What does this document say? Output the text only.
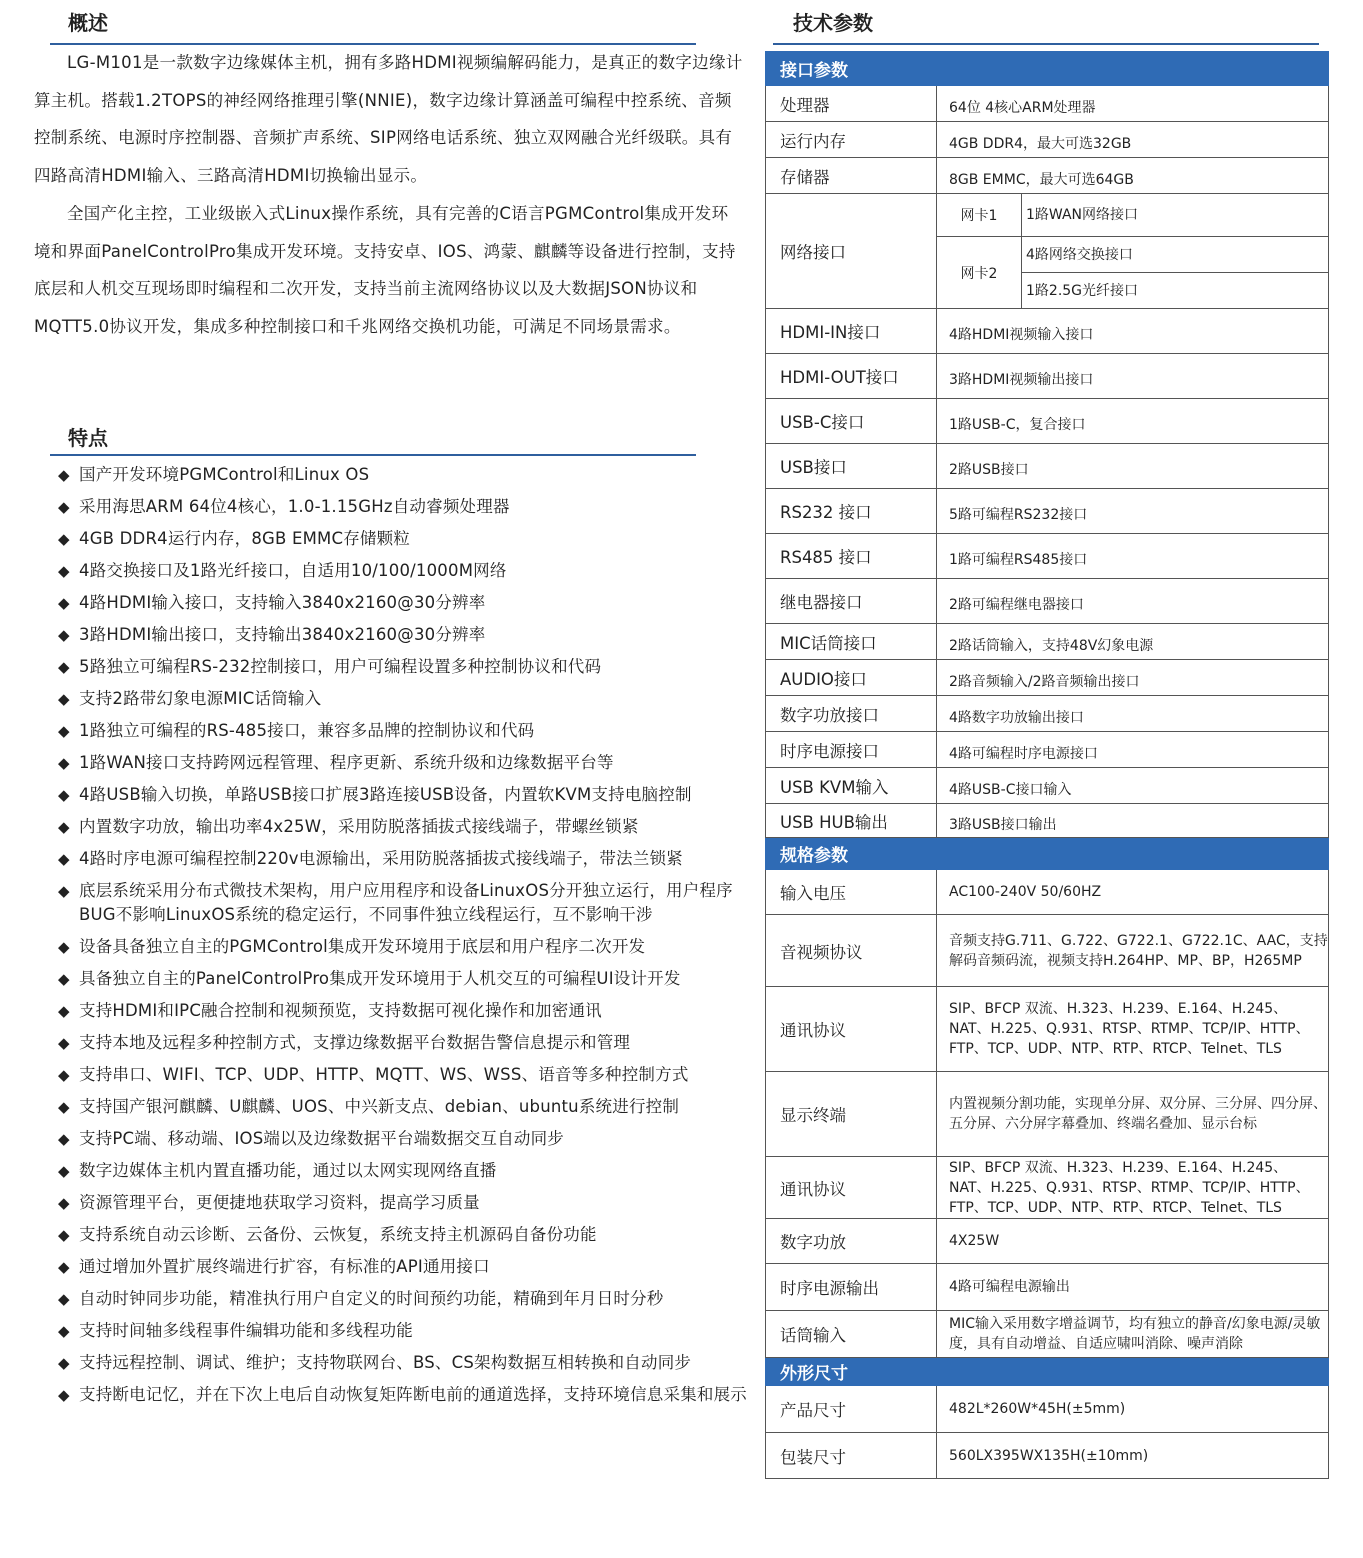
概述

LG-M101是一款数字边缘媒体主机，拥有多路HDMI视频编解码能力，是真正的数字边缘计算主机。搭载1.2TOPS的神经网络推理引擎(NNIE)，数字边缘计算涵盖可编程中控系统、音频控制系统、电源时序控制器、音频扩声系统、SIP网络电话系统、独立双网融合光纤级联。具有四路高清HDMI输入、三路高清HDMI切换输出显示。

全国产化主控，工业级嵌入式Linux操作系统，具有完善的C语言PGMControl集成开发环境和界面PanelControlPro集成开发环境。支持安卓、IOS、鸿蒙、麒麟等设备进行控制，支持底层和人机交互现场即时编程和二次开发，支持当前主流网络协议以及大数据JSON协议和MQTT5.0协议开发，集成多种控制接口和千兆网络交换机功能，可满足不同场景需求。

特点
◆ 国产开发环境PGMControl和Linux OS
◆ 采用海思ARM 64位4核心，1.0-1.15GHz自动睿频处理器
◆ 4GB DDR4运行内存，8GB EMMC存储颗粒
◆ 4路交换接口及1路光纤接口，自适用10/100/1000M网络
◆ 4路HDMI输入接口，支持输入3840x2160@30分辨率
◆ 3路HDMI输出接口，支持输出3840x2160@30分辨率
◆ 5路独立可编程RS-232控制接口，用户可编程设置多种控制协议和代码
◆ 支持2路带幻象电源MIC话筒输入
◆ 1路独立可编程的RS-485接口，兼容多品牌的控制协议和代码
◆ 1路WAN接口支持跨网远程管理、程序更新、系统升级和边缘数据平台等
◆ 4路USB输入切换，单路USB接口扩展3路连接USB设备，内置软KVM支持电脑控制
◆ 内置数字功放，输出功率4x25W，采用防脱落插拔式接线端子，带螺丝锁紧
◆ 4路时序电源可编程控制220v电源输出，采用防脱落插拔式接线端子，带法兰锁紧
◆ 底层系统采用分布式微技术架构，用户应用程序和设备LinuxOS分开独立运行，用户程序BUG不影响LinuxOS系统的稳定运行，不同事件独立线程运行，互不影响干涉
◆ 设备具备独立自主的PGMControl集成开发环境用于底层和用户程序二次开发
◆ 具备独立自主的PanelControlPro集成开发环境用于人机交互的可编程UI设计开发
◆ 支持HDMI和IPC融合控制和视频预览，支持数据可视化操作和加密通讯
◆ 支持本地及远程多种控制方式，支撑边缘数据平台数据告警信息提示和管理
◆ 支持串口、WIFI、TCP、UDP、HTTP、MQTT、WS、WSS、语音等多种控制方式
◆ 支持国产银河麒麟、U麒麟、UOS、中兴新支点、debian、ubuntu系统进行控制
◆ 支持PC端、移动端、IOS端以及边缘数据平台端数据交互自动同步
◆ 数字边媒体主机内置直播功能，通过以太网实现网络直播
◆ 资源管理平台，更便捷地获取学习资料，提高学习质量
◆ 支持系统自动云诊断、云备份、云恢复，系统支持主机源码自备份功能
◆ 通过增加外置扩展终端进行扩容，有标准的API通用接口
◆ 自动时钟同步功能，精准执行用户自定义的时间预约功能，精确到年月日时分秒
◆ 支持时间轴多线程事件编辑功能和多线程功能
◆ 支持远程控制、调试、维护；支持物联网台、BS、CS架构数据互相转换和自动同步
◆ 支持断电记忆，并在下次上电后自动恢复矩阵断电前的通道选择，支持环境信息采集和展示
技术参数
接口参数		
处理器	64位 4核心ARM处理器	
运行内存	4GB DDR4，最大可选32GB	
存储器	8GB EMMC，最大可选64GB	
网络接口	网卡1	1路WAN网络接口
	网卡2	4路网络交换接口
		1路2.5G光纤接口
HDMI-IN接口	4路HDMI视频输入接口	
HDMI-OUT接口	3路HDMI视频输出接口	
USB-C接口	1路USB-C，复合接口	
USB接口	2路USB接口	
RS232 接口	5路可编程RS232接口	
RS485 接口	1路可编程RS485接口	
继电器接口	2路可编程继电器接口	
MIC话筒接口	2路话筒输入，支持48V幻象电源	
AUDIO接口	2路音频输入/2路音频输出接口	
数字功放接口	4路数字功放输出接口	
时序电源接口	4路可编程时序电源接口	
USB KVM输入	4路USB-C接口输入	
USB HUB输出	3路USB接口输出	
规格参数		
输入电压	AC100-240V 50/60HZ	
音视频协议	音频支持G.711、G.722、G722.1、G722.1C、AAC，支持解码音频码流，视频支持H.264HP、MP、BP，H265MP	
通讯协议	SIP、BFCP 双流、H.323、H.239、E.164、H.245、NAT、H.225、Q.931、RTSP、RTMP、TCP/IP、HTTP、FTP、TCP、UDP、NTP、RTP、RTCP、Telnet、TLS	
显示终端	内置视频分割功能，实现单分屏、双分屏、三分屏、四分屏、五分屏、六分屏字幕叠加、终端名叠加、显示台标	
通讯协议	SIP、BFCP 双流、H.323、H.239、E.164、H.245、NAT、H.225、Q.931、RTSP、RTMP、TCP/IP、HTTP、FTP、TCP、UDP、NTP、RTP、RTCP、Telnet、TLS	
数字功放	4X25W	
时序电源输出	4路可编程电源输出	
话筒输入	MIC输入采用数字增益调节，均有独立的静音/幻象电源/灵敏度，具有自动增益、自适应啸叫消除、噪声消除	
外形尺寸		
产品尺寸	482L*260W*45H(±5mm)	
包装尺寸	560LX395WX135H(±10mm)	
